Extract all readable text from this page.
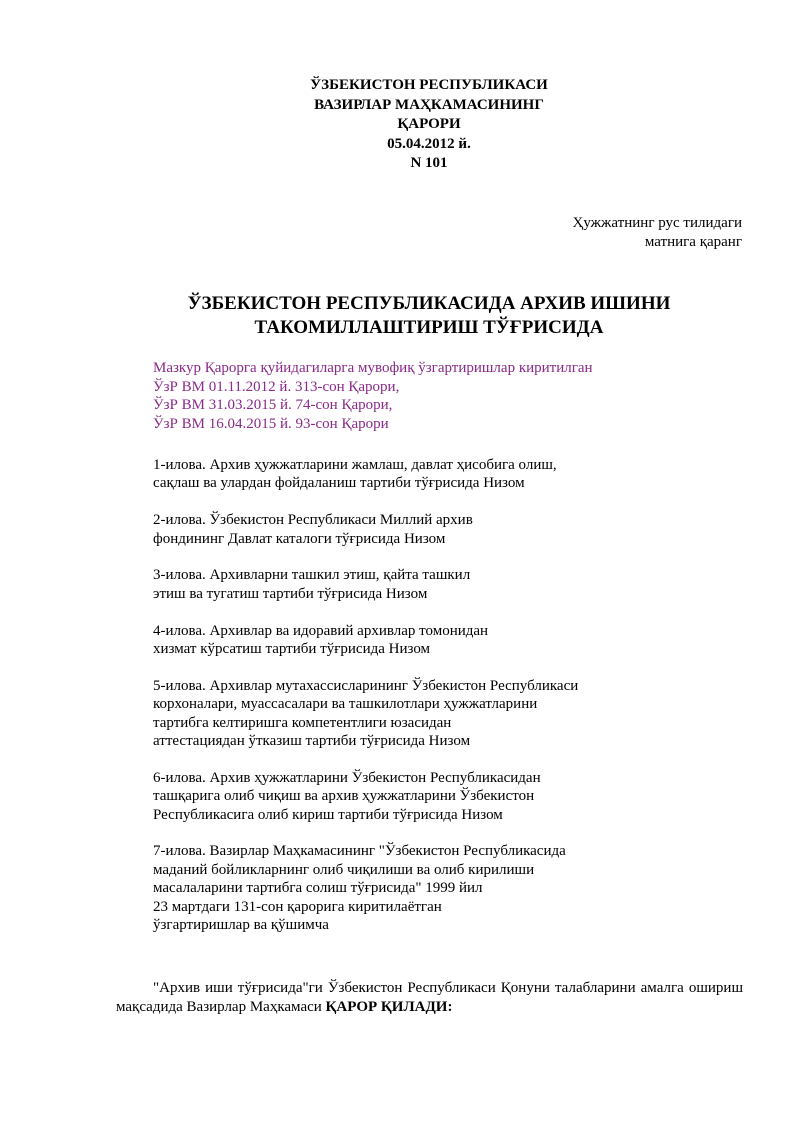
ЎЗБЕКИСТОН РЕСПУБЛИКАСИ
ВАЗИРЛАР МАҲКАМАСИНИНГ
ҚАРОРИ
05.04.2012 й.
N 101
Ҳужжатнинг рус тилидаги
матнига қаранг
ЎЗБЕКИСТОН РЕСПУБЛИКАСИДА АРХИВ ИШИНИ
ТАКОМИЛЛАШТИРИШ ТЎҒРИСИДА
Мазкур Қарорга қуйидагиларга мувофиқ ўзгартиришлар киритилган
ЎзР ВМ 01.11.2012 й. 313-сон Қарори,
ЎзР ВМ 31.03.2015 й. 74-сон Қарори,
ЎзР ВМ 16.04.2015 й. 93-сон Қарори
1-илова. Архив ҳужжатларини жамлаш, давлат ҳисобига олиш,
сақлаш ва улардан фойдаланиш тартиби тўғрисида Низом
2-илова. Ўзбекистон Республикаси Миллий архив
фондининг Давлат каталоги тўғрисида Низом
3-илова. Архивларни ташкил этиш, қайта ташкил
этиш ва тугатиш тартиби тўғрисида Низом
4-илова. Архивлар ва идоравий архивлар томонидан
хизмат кўрсатиш тартиби тўғрисида Низом
5-илова. Архивлар мутахассисларининг Ўзбекистон Республикаси
корхоналари, муассасалари ва ташкилотлари ҳужжатларини
тартибга келтиришга компетентлиги юзасидан
аттестациядан ўтказиш тартиби тўғрисида Низом
6-илова. Архив ҳужжатларини Ўзбекистон Республикасидан
ташқарига олиб чиқиш ва архив ҳужжатларини Ўзбекистон
Республикасига олиб кириш тартиби тўғрисида Низом
7-илова. Вазирлар Маҳкамасининг "Ўзбекистон Республикасида
маданий бойликларнинг олиб чиқилиши ва олиб кирилиши
масалаларини тартибга солиш тўғрисида" 1999 йил
23 мартдаги 131-сон қарорига киритилаётган
ўзгартиришлар ва қўшимча
"Архив иши тўғрисида"ги Ўзбекистон Республикаси Қонуни талабларини амалга ошириш мақсадида Вазирлар Маҳкамаси ҚАРОР ҚИЛАДИ:
